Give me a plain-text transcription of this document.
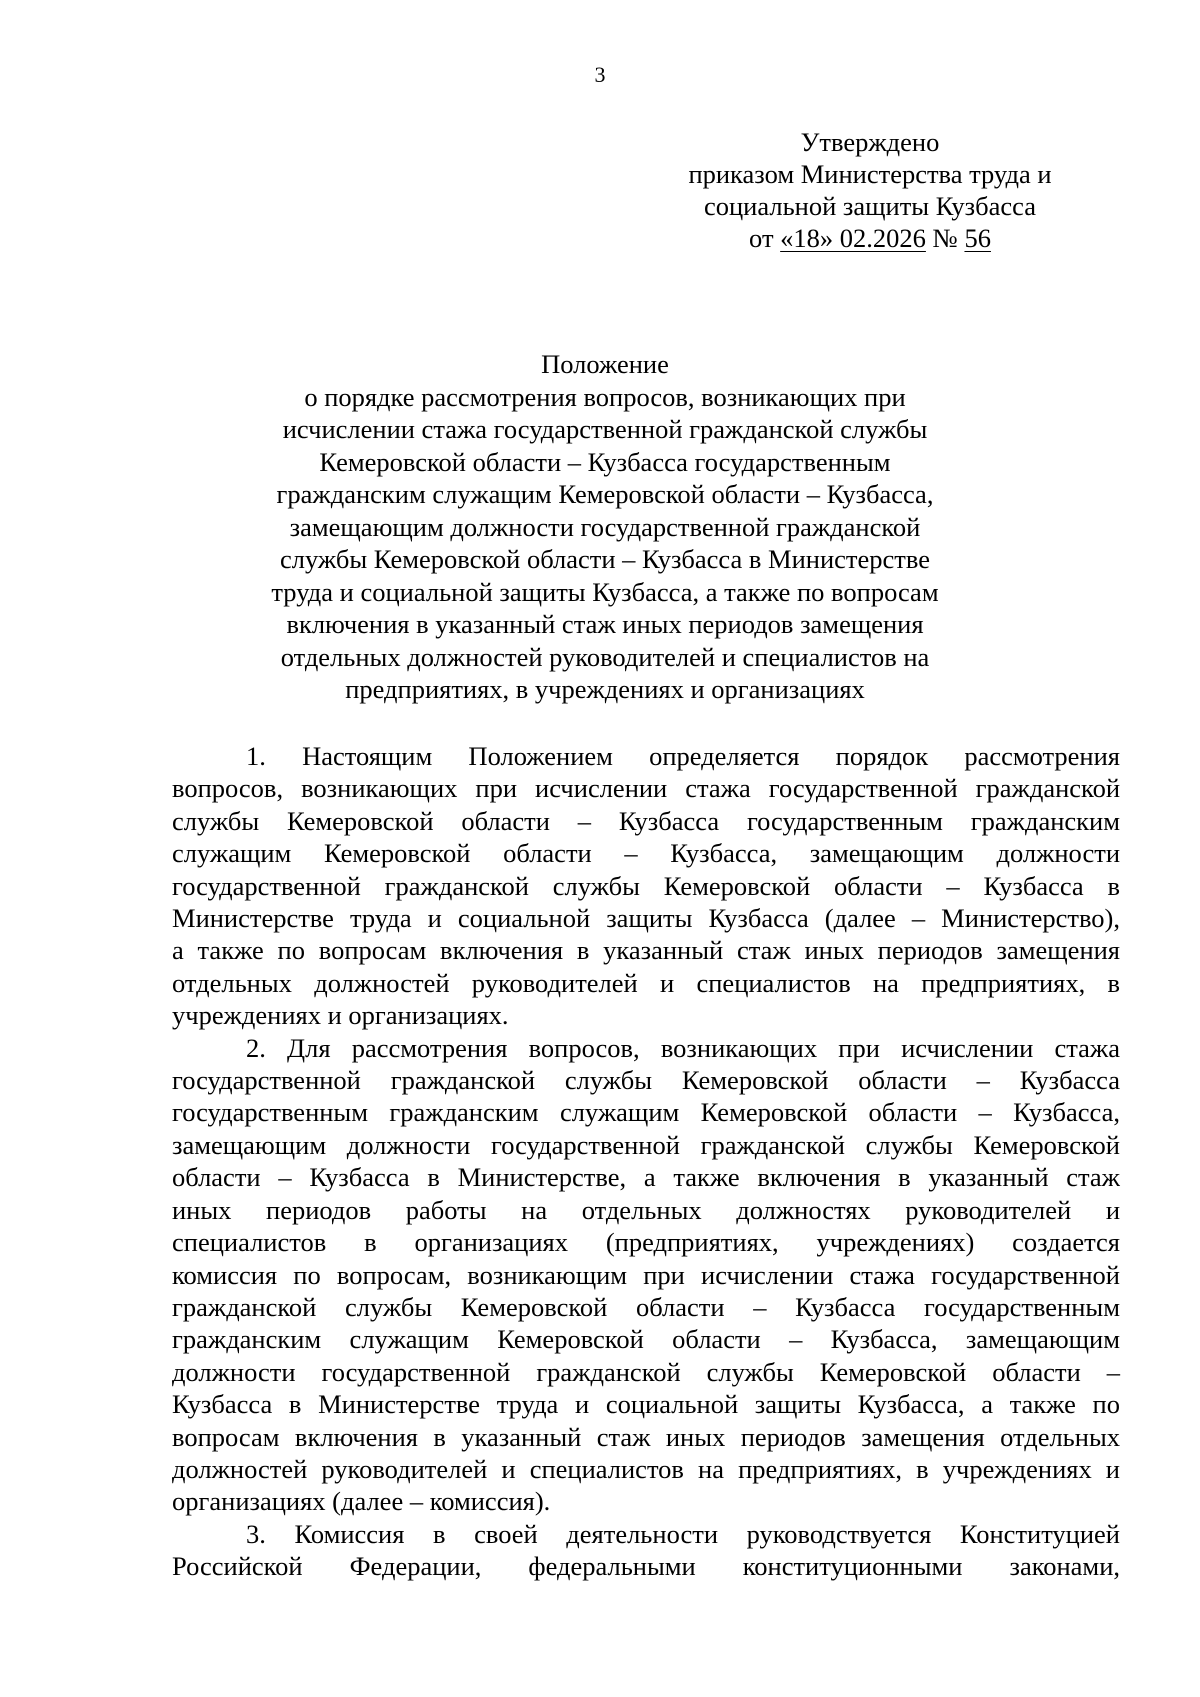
3
Утверждено
приказом Министерства труда и
социальной защиты Кузбасса
от «18» 02.2026 № 56
Положение
о порядке рассмотрения вопросов, возникающих при
исчислении стажа государственной гражданской службы
Кемеровской области – Кузбасса государственным
гражданским служащим Кемеровской области – Кузбасса,
замещающим должности государственной гражданской
службы Кемеровской области – Кузбасса в Министерстве
труда и социальной защиты Кузбасса, а также по вопросам
включения в указанный стаж иных периодов замещения
отдельных должностей руководителей и специалистов на
предприятиях, в учреждениях и организациях
1. Настоящим Положением определяется порядок рассмотрения
вопросов, возникающих при исчислении стажа государственной гражданской
службы Кемеровской области – Кузбасса государственным гражданским
служащим Кемеровской области – Кузбасса, замещающим должности
государственной гражданской службы Кемеровской области – Кузбасса в
Министерстве труда и социальной защиты Кузбасса (далее – Министерство),
а также по вопросам включения в указанный стаж иных периодов замещения
отдельных должностей руководителей и специалистов на предприятиях, в
учреждениях и организациях.
2. Для рассмотрения вопросов, возникающих при исчислении стажа
государственной гражданской службы Кемеровской области – Кузбасса
государственным гражданским служащим Кемеровской области – Кузбасса,
замещающим должности государственной гражданской службы Кемеровской
области – Кузбасса в Министерстве, а также включения в указанный стаж
иных периодов работы на отдельных должностях руководителей и
специалистов в организациях (предприятиях, учреждениях) создается
комиссия по вопросам, возникающим при исчислении стажа государственной
гражданской службы Кемеровской области – Кузбасса государственным
гражданским служащим Кемеровской области – Кузбасса, замещающим
должности государственной гражданской службы Кемеровской области –
Кузбасса в Министерстве труда и социальной защиты Кузбасса, а также по
вопросам включения в указанный стаж иных периодов замещения отдельных
должностей руководителей и специалистов на предприятиях, в учреждениях и
организациях (далее – комиссия).
3. Комиссия в своей деятельности руководствуется Конституцией
Российской Федерации, федеральными конституционными законами,
